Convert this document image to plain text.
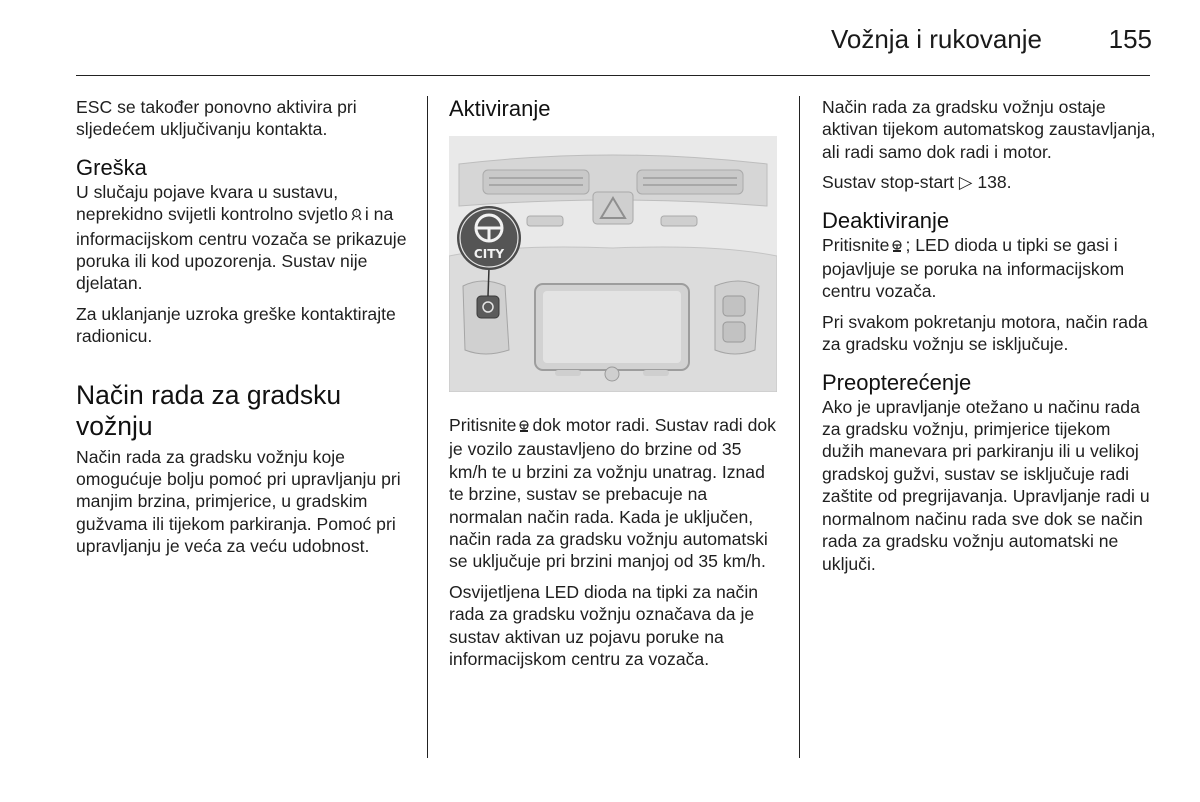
Vožnja i rukovanje	155

ESC se također ponovno aktivira pri sljedećem uključivanju kontakta.

Greška

U slučaju pojave kvara u sustavu, neprekidno svijetli kontrolno svjetlo ! i na informacijskom centru vozača se prikazuje poruka ili kod upozorenja. Sustav nije djelatan.

Za uklanjanje uzroka greške kontaktirajte radionicu.

Način rada za gradsku vožnju

Način rada za gradsku vožnju koje omogućuje bolju pomoć pri upravljanju pri manjim brzina, primjerice, u gradskim gužvama ili tijekom parkiranja. Pomoć pri upravljanju je veća za veću udobnost.

Aktiviranje
CITY

Pritisnite dok motor radi. Sustav radi dok je vozilo zaustavljeno do brzine od 35 km/h te u brzini za vožnju unatrag. Iznad te brzine, sustav se prebacuje na normalan način rada. Kada je uključen, način rada za gradsku vožnju automatski se uključuje pri brzini manjoj od 35 km/h.

Osvijetljena LED dioda na tipki za način rada za gradsku vožnju označava da je sustav aktivan uz pojavu poruke na informacijskom centru za vozača.

Način rada za gradsku vožnju ostaje aktivan tijekom automatskog zaustavljanja, ali radi samo dok radi i motor.

Sustav stop-start ▷ 138.

Deaktiviranje

Pritisnite ; LED dioda u tipki se gasi i pojavljuje se poruka na informacijskom centru vozača.

Pri svakom pokretanju motora, način rada za gradsku vožnju se isključuje.

Preopterećenje

Ako je upravljanje otežano u načinu rada za gradsku vožnju, primjerice tijekom dužih manevara pri parkiranju ili u velikoj gradskoj gužvi, sustav se isključuje radi zaštite od pregrijavanja. Upravljanje radi u normalnom načinu rada sve dok se način rada za gradsku vožnju automatski ne uključi.
